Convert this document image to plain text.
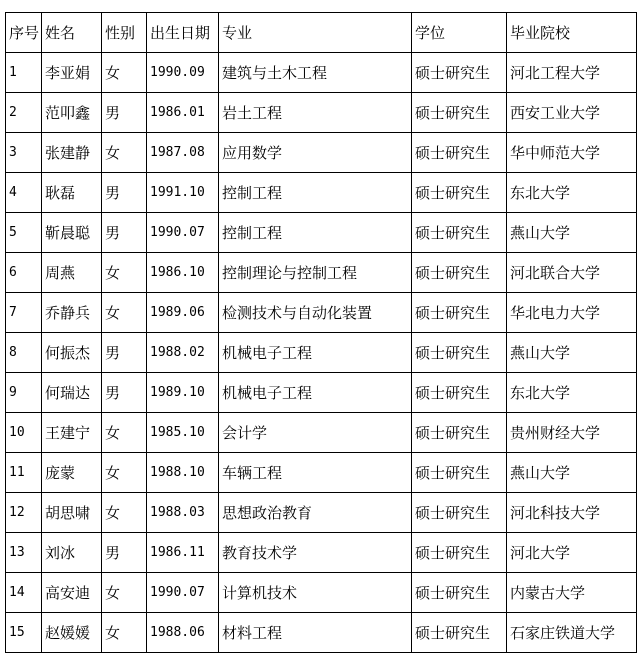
序号	姓名	性别	出生日期	专业	学位	毕业院校
1	李亚娟	女	1990.09	建筑与土木工程	硕士研究生	河北工程大学
2	范叩鑫	男	1986.01	岩土工程	硕士研究生	西安工业大学
3	张建静	女	1987.08	应用数学	硕士研究生	华中师范大学
4	耿磊	男	1991.10	控制工程	硕士研究生	东北大学
5	靳晨聪	男	1990.07	控制工程	硕士研究生	燕山大学
6	周燕	女	1986.10	控制理论与控制工程	硕士研究生	河北联合大学
7	乔静兵	女	1989.06	检测技术与自动化装置	硕士研究生	华北电力大学
8	何振杰	男	1988.02	机械电子工程	硕士研究生	燕山大学
9	何瑞达	男	1989.10	机械电子工程	硕士研究生	东北大学
10	王建宁	女	1985.10	会计学	硕士研究生	贵州财经大学
11	庞蒙	女	1988.10	车辆工程	硕士研究生	燕山大学
12	胡思啸	女	1988.03	思想政治教育	硕士研究生	河北科技大学
13	刘冰	男	1986.11	教育技术学	硕士研究生	河北大学
14	高安迪	女	1990.07	计算机技术	硕士研究生	内蒙古大学
15	赵媛媛	女	1988.06	材料工程	硕士研究生	石家庄铁道大学
